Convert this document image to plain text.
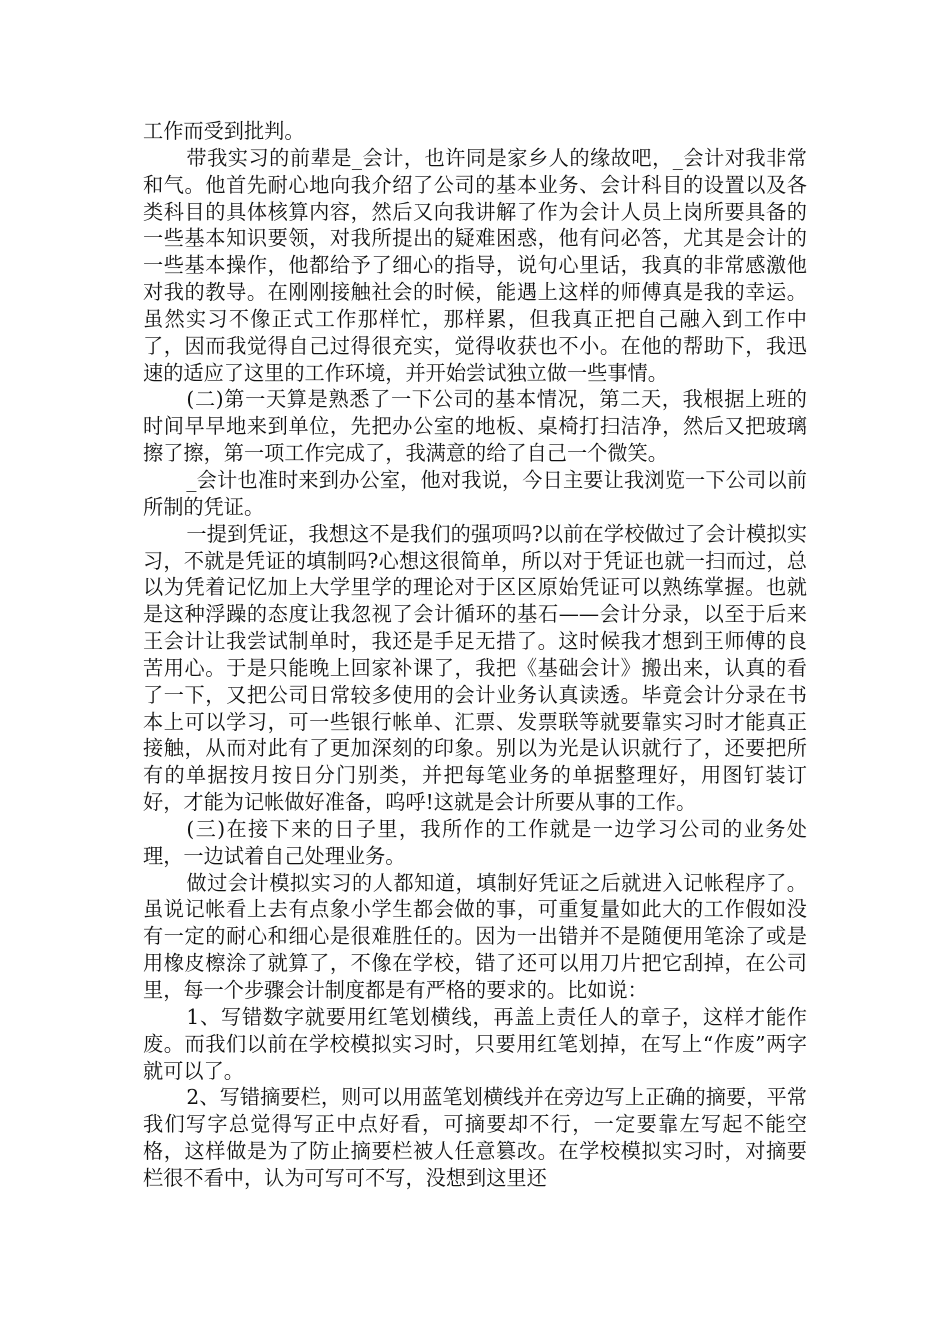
工作而受到批判。

带我实习的前辈是_会计，也许同是家乡人的缘故吧，_会计对我非常和气。他首先耐心地向我介绍了公司的基本业务、会计科目的设置以及各类科目的具体核算内容，然后又向我讲解了作为会计人员上岗所要具备的一些基本知识要领，对我所提出的疑难困惑，他有问必答，尤其是会计的一些基本操作，他都给予了细心的指导，说句心里话，我真的非常感激他对我的教导。在刚刚接触社会的时候，能遇上这样的师傅真是我的幸运。虽然实习不像正式工作那样忙，那样累，但我真正把自己融入到工作中了，因而我觉得自己过得很充实，觉得收获也不小。在他的帮助下，我迅速的适应了这里的工作环境，并开始尝试独立做一些事情。

(二)第一天算是熟悉了一下公司的基本情况，第二天，我根据上班的时间早早地来到单位，先把办公室的地板、桌椅打扫洁净，然后又把玻璃擦了擦，第一项工作完成了，我满意的给了自己一个微笑。

_会计也准时来到办公室，他对我说，今日主要让我浏览一下公司以前所制的凭证。

一提到凭证，我想这不是我们的强项吗?以前在学校做过了会计模拟实习，不就是凭证的填制吗?心想这很简单，所以对于凭证也就一扫而过，总以为凭着记忆加上大学里学的理论对于区区原始凭证可以熟练掌握。也就是这种浮躁的态度让我忽视了会计循环的基石——会计分录，以至于后来王会计让我尝试制单时，我还是手足无措了。这时候我才想到王师傅的良苦用心。于是只能晚上回家补课了，我把《基础会计》搬出来，认真的看了一下，又把公司日常较多使用的会计业务认真读透。毕竟会计分录在书本上可以学习，可一些银行帐单、汇票、发票联等就要靠实习时才能真正接触，从而对此有了更加深刻的印象。别以为光是认识就行了，还要把所有的单据按月按日分门别类，并把每笔业务的单据整理好，用图钉装订好，才能为记帐做好准备，呜呼!这就是会计所要从事的工作。

(三)在接下来的日子里，我所作的工作就是一边学习公司的业务处理，一边试着自己处理业务。

做过会计模拟实习的人都知道，填制好凭证之后就进入记帐程序了。虽说记帐看上去有点象小学生都会做的事，可重复量如此大的工作假如没有一定的耐心和细心是很难胜任的。因为一出错并不是随便用笔涂了或是用橡皮檫涂了就算了，不像在学校，错了还可以用刀片把它刮掉，在公司里，每一个步骤会计制度都是有严格的要求的。比如说：

1、写错数字就要用红笔划横线，再盖上责任人的章子，这样才能作废。而我们以前在学校模拟实习时，只要用红笔划掉，在写上“作废”两字就可以了。

2、写错摘要栏，则可以用蓝笔划横线并在旁边写上正确的摘要，平常我们写字总觉得写正中点好看，可摘要却不行，一定要靠左写起不能空格，这样做是为了防止摘要栏被人任意篡改。在学校模拟实习时，对摘要栏很不看中，认为可写可不写，没想到这里还
